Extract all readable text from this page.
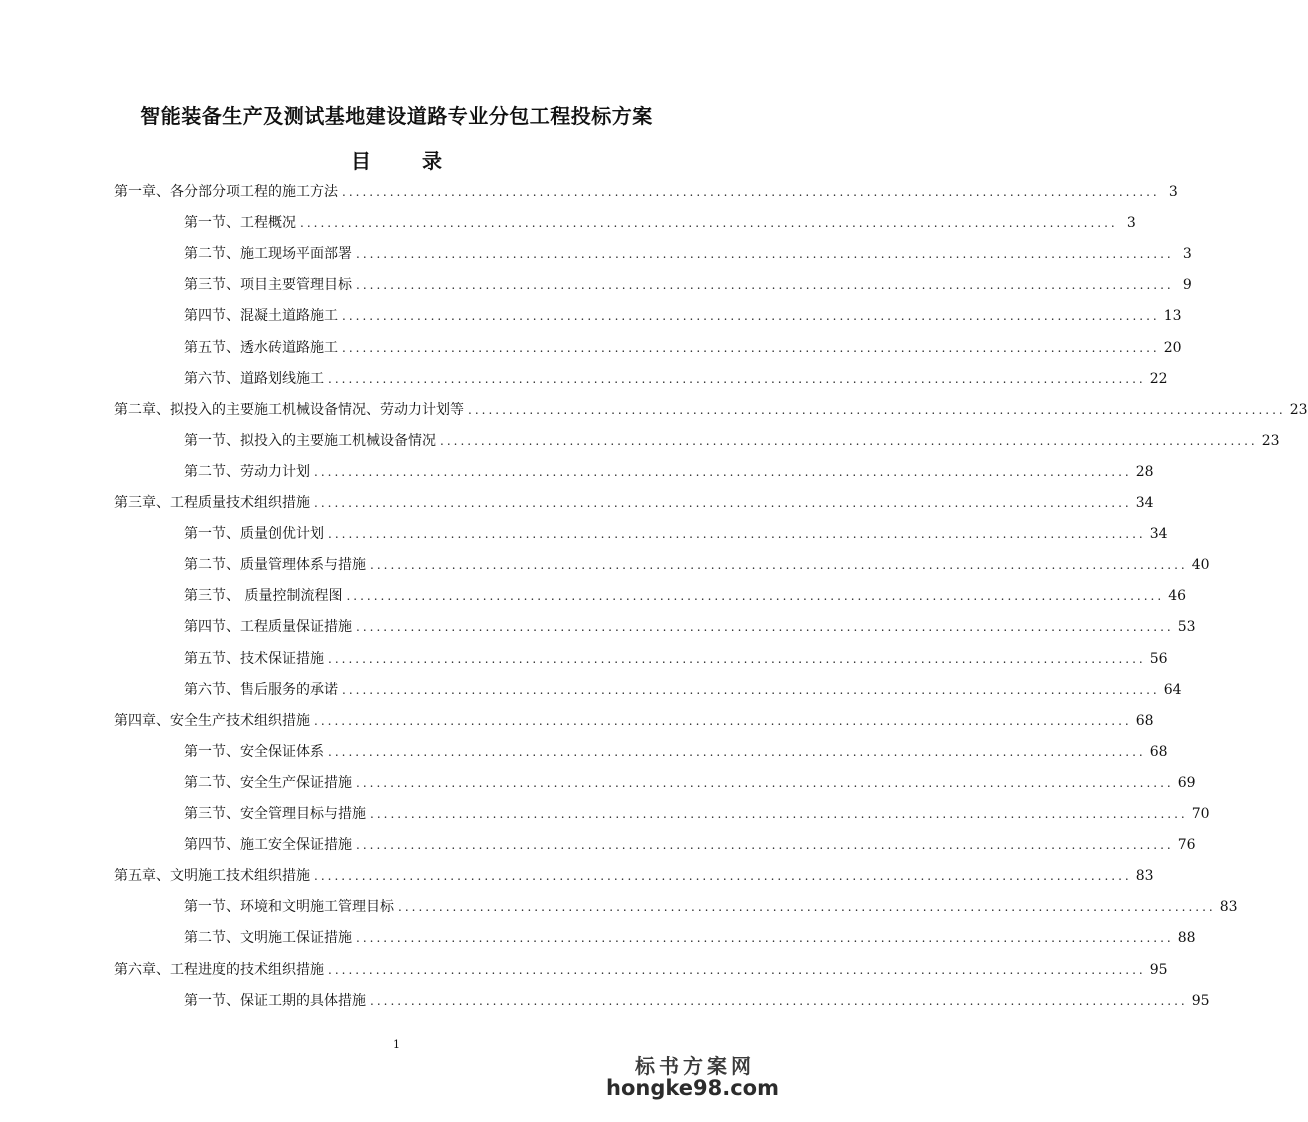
智能装备生产及测试基地建设道路专业分包工程投标方案
目 录
第一章、各分部分项工程的施工方法 ........................................................................................................................ 3
第一节、工程概况 ........................................................................................................................ 3
第二节、施工现场平面部署 ........................................................................................................................ 3
第三节、项目主要管理目标 ........................................................................................................................ 9
第四节、混凝土道路施工 ........................................................................................................................ 13
第五节、透水砖道路施工 ........................................................................................................................ 20
第六节、道路划线施工 ........................................................................................................................ 22
第二章、拟投入的主要施工机械设备情况、劳动力计划等 ........................................................................................................................ 23
第一节、拟投入的主要施工机械设备情况 ........................................................................................................................ 23
第二节、劳动力计划 ........................................................................................................................ 28
第三章、工程质量技术组织措施 ........................................................................................................................ 34
第一节、质量创优计划 ........................................................................................................................ 34
第二节、质量管理体系与措施 ........................................................................................................................ 40
第三节、 质量控制流程图 ........................................................................................................................ 46
第四节、工程质量保证措施 ........................................................................................................................ 53
第五节、技术保证措施 ........................................................................................................................ 56
第六节、售后服务的承诺 ........................................................................................................................ 64
第四章、安全生产技术组织措施 ........................................................................................................................ 68
第一节、安全保证体系 ........................................................................................................................ 68
第二节、安全生产保证措施 ........................................................................................................................ 69
第三节、安全管理目标与措施 ........................................................................................................................ 70
第四节、施工安全保证措施 ........................................................................................................................ 76
第五章、文明施工技术组织措施 ........................................................................................................................ 83
第一节、环境和文明施工管理目标 ........................................................................................................................ 83
第二节、文明施工保证措施 ........................................................................................................................ 88
第六章、工程进度的技术组织措施 ........................................................................................................................ 95
第一节、保证工期的具体措施 ........................................................................................................................ 95
1
标书方案网
hongke98.com
